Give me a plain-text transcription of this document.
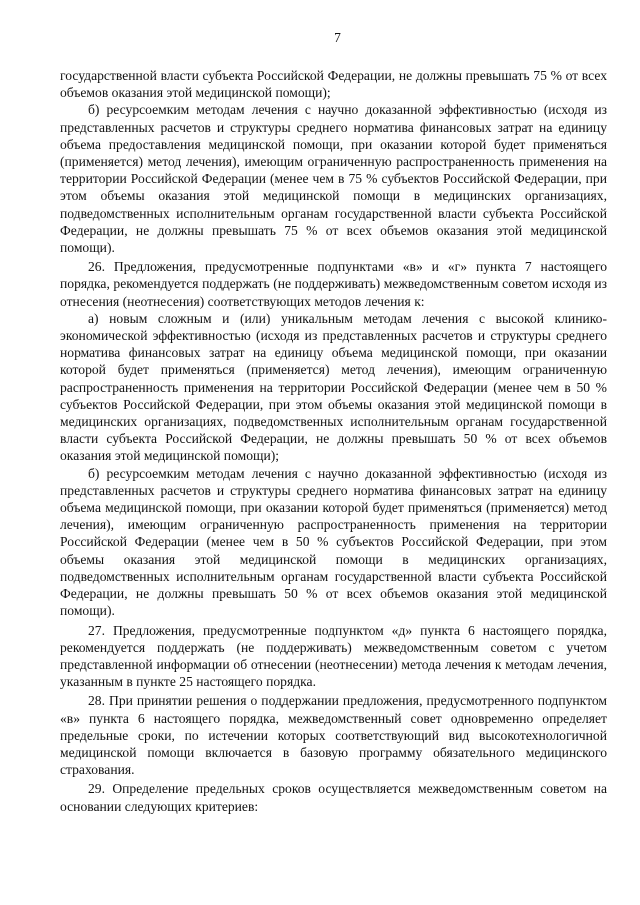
7

государственной власти субъекта Российской Федерации, не должны превышать 75 % от всех объемов оказания этой медицинской помощи);

б) ресурсоемким методам лечения с научно доказанной эффективностью (исходя из представленных расчетов и структуры среднего норматива финансовых затрат на единицу объема предоставления медицинской помощи, при оказании которой будет применяться (применяется) метод лечения), имеющим ограниченную распространенность применения на территории Российской Федерации (менее чем в 75 % субъектов Российской Федерации, при этом объемы оказания этой медицинской помощи в медицинских организациях, подведомственных исполнительным органам государственной власти субъекта Российской Федерации, не должны превышать 75 % от всех объемов оказания этой медицинской помощи).

26. Предложения, предусмотренные подпунктами «в» и «г» пункта 7 настоящего порядка, рекомендуется поддержать (не поддерживать) межведомственным советом исходя из отнесения (неотнесения) соответствующих методов лечения к:

а) новым сложным и (или) уникальным методам лечения с высокой клинико-экономической эффективностью (исходя из представленных расчетов и структуры среднего норматива финансовых затрат на единицу объема медицинской помощи, при оказании которой будет применяться (применяется) метод лечения), имеющим ограниченную распространенность применения на территории Российской Федерации (менее чем в 50 % субъектов Российской Федерации, при этом объемы оказания этой медицинской помощи в медицинских организациях, подведомственных исполнительным органам государственной власти субъекта Российской Федерации, не должны превышать 50 % от всех объемов оказания этой медицинской помощи);

б) ресурсоемким методам лечения с научно доказанной эффективностью (исходя из представленных расчетов и структуры среднего норматива финансовых затрат на единицу объема медицинской помощи, при оказании которой будет применяться (применяется) метод лечения), имеющим ограниченную распространенность применения на территории Российской Федерации (менее чем в 50 % субъектов Российской Федерации, при этом объемы оказания этой медицинской помощи в медицинских организациях, подведомственных исполнительным органам государственной власти субъекта Российской Федерации, не должны превышать 50 % от всех объемов оказания этой медицинской помощи).

27. Предложения, предусмотренные подпунктом «д» пункта 6 настоящего порядка, рекомендуется поддержать (не поддерживать) межведомственным советом с учетом представленной информации об отнесении (неотнесении) метода лечения к методам лечения, указанным в пункте 25 настоящего порядка.

28. При принятии решения о поддержании предложения, предусмотренного подпунктом «в» пункта 6 настоящего порядка, межведомственный совет одновременно определяет предельные сроки, по истечении которых соответствующий вид высокотехнологичной медицинской помощи включается в базовую программу обязательного медицинского страхования.

29. Определение предельных сроков осуществляется межведомственным советом на основании следующих критериев:
